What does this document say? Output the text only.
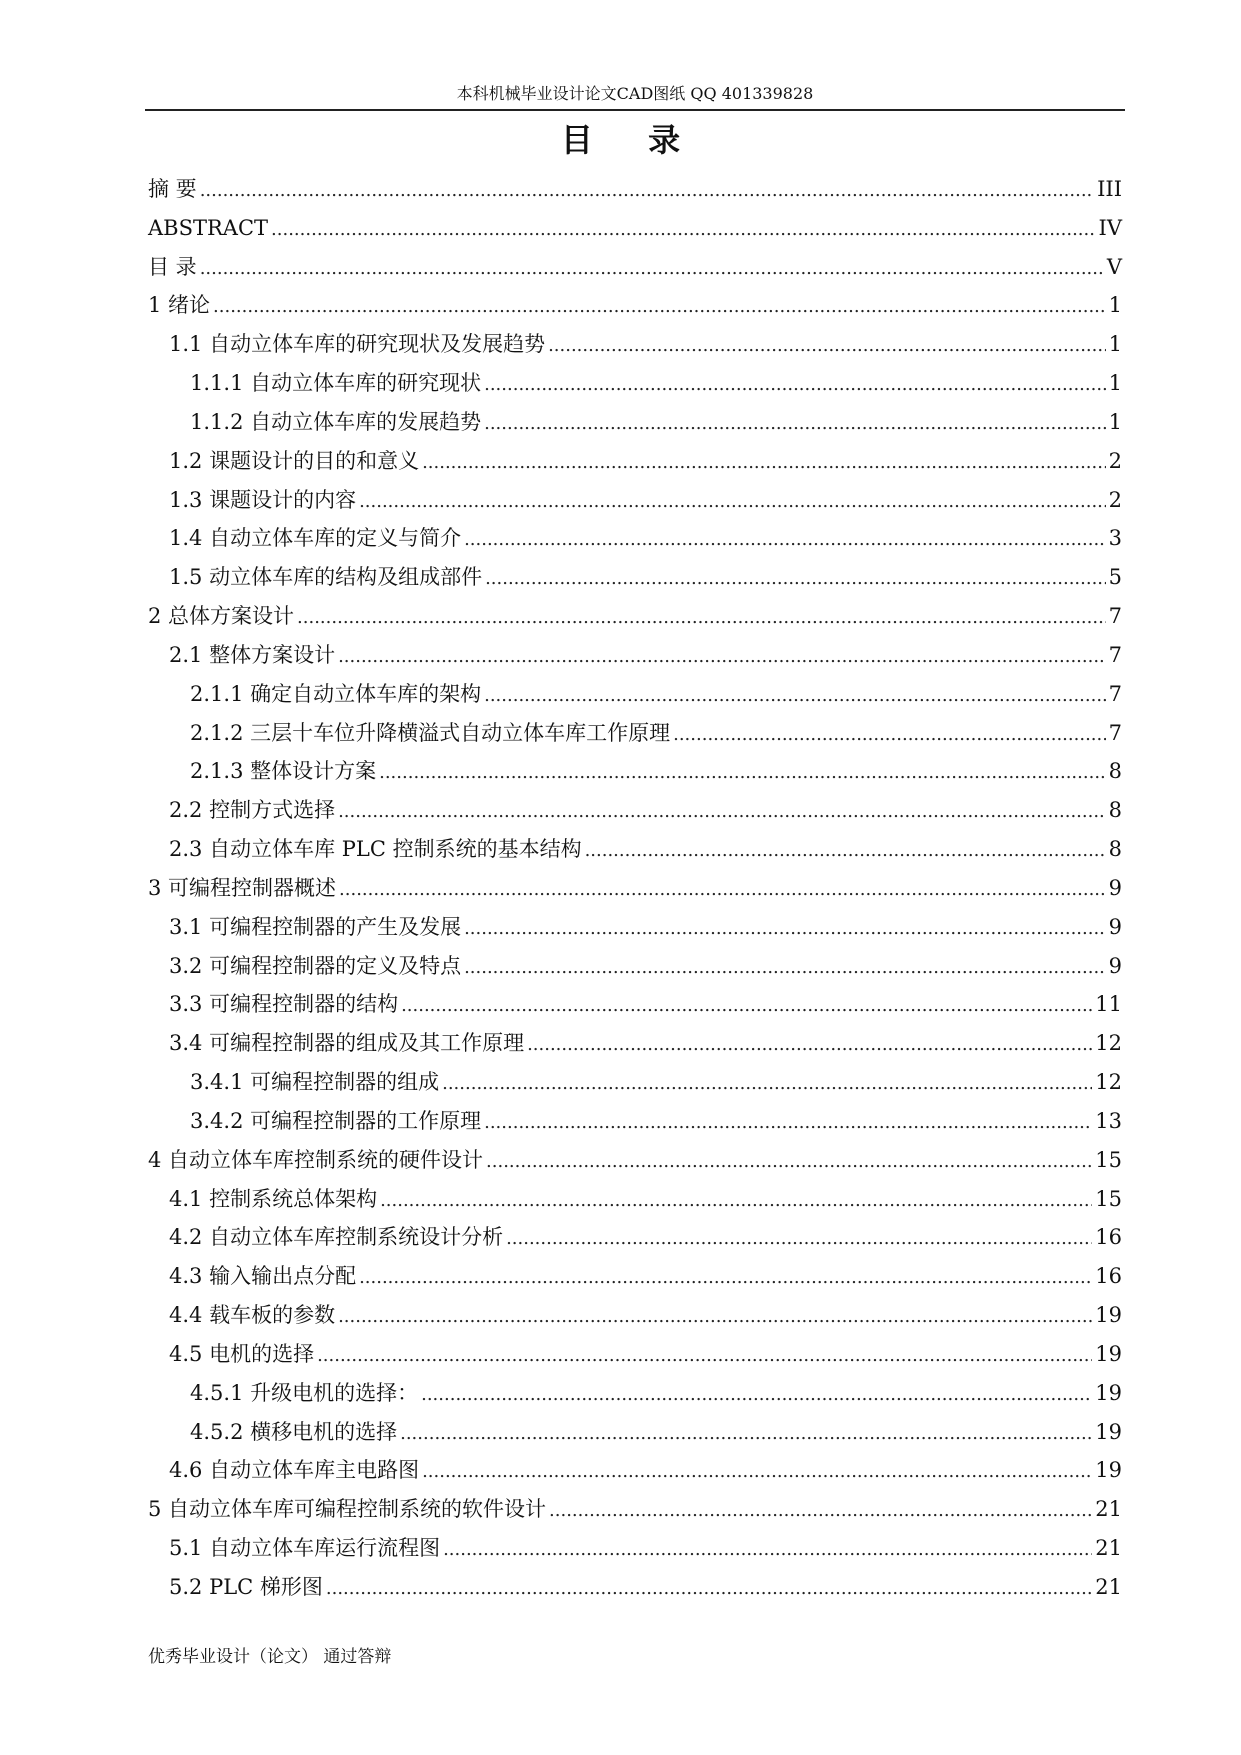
本科机械毕业设计论文CAD图纸 QQ 401339828
目 录
摘 要 .....	III
ABSTRACT .....	IV
目 录 .....	V
1 绪论 .....	1
1.1 自动立体车库的研究现状及发展趋势 .....	1
1.1.1 自动立体车库的研究现状 .....	1
1.1.2 自动立体车库的发展趋势 .....	1
1.2 课题设计的目的和意义 .....	2
1.3 课题设计的内容 .....	2
1.4 自动立体车库的定义与简介 .....	3
1.5 动立体车库的结构及组成部件 .....	5
2 总体方案设计 .....	7
2.1 整体方案设计 .....	7
2.1.1 确定自动立体车库的架构 .....	7
2.1.2 三层十车位升降横溢式自动立体车库工作原理 .....	7
2.1.3 整体设计方案 .....	8
2.2 控制方式选择 .....	8
2.3 自动立体车库 PLC 控制系统的基本结构 .....	8
3 可编程控制器概述 .....	9
3.1 可编程控制器的产生及发展 .....	9
3.2 可编程控制器的定义及特点 .....	9
3.3 可编程控制器的结构 .....	11
3.4 可编程控制器的组成及其工作原理 .....	12
3.4.1 可编程控制器的组成 .....	12
3.4.2 可编程控制器的工作原理 .....	13
4 自动立体车库控制系统的硬件设计 .....	15
4.1 控制系统总体架构 .....	15
4.2 自动立体车库控制系统设计分析 .....	16
4.3 输入输出点分配 .....	16
4.4 载车板的参数 .....	19
4.5 电机的选择 .....	19
4.5.1 升级电机的选择： .....	19
4.5.2 横移电机的选择 .....	19
4.6 自动立体车库主电路图 .....	19
5 自动立体车库可编程控制系统的软件设计 .....	21
5.1 自动立体车库运行流程图 .....	21
5.2 PLC 梯形图 .....	21
优秀毕业设计（论文） 通过答辩
